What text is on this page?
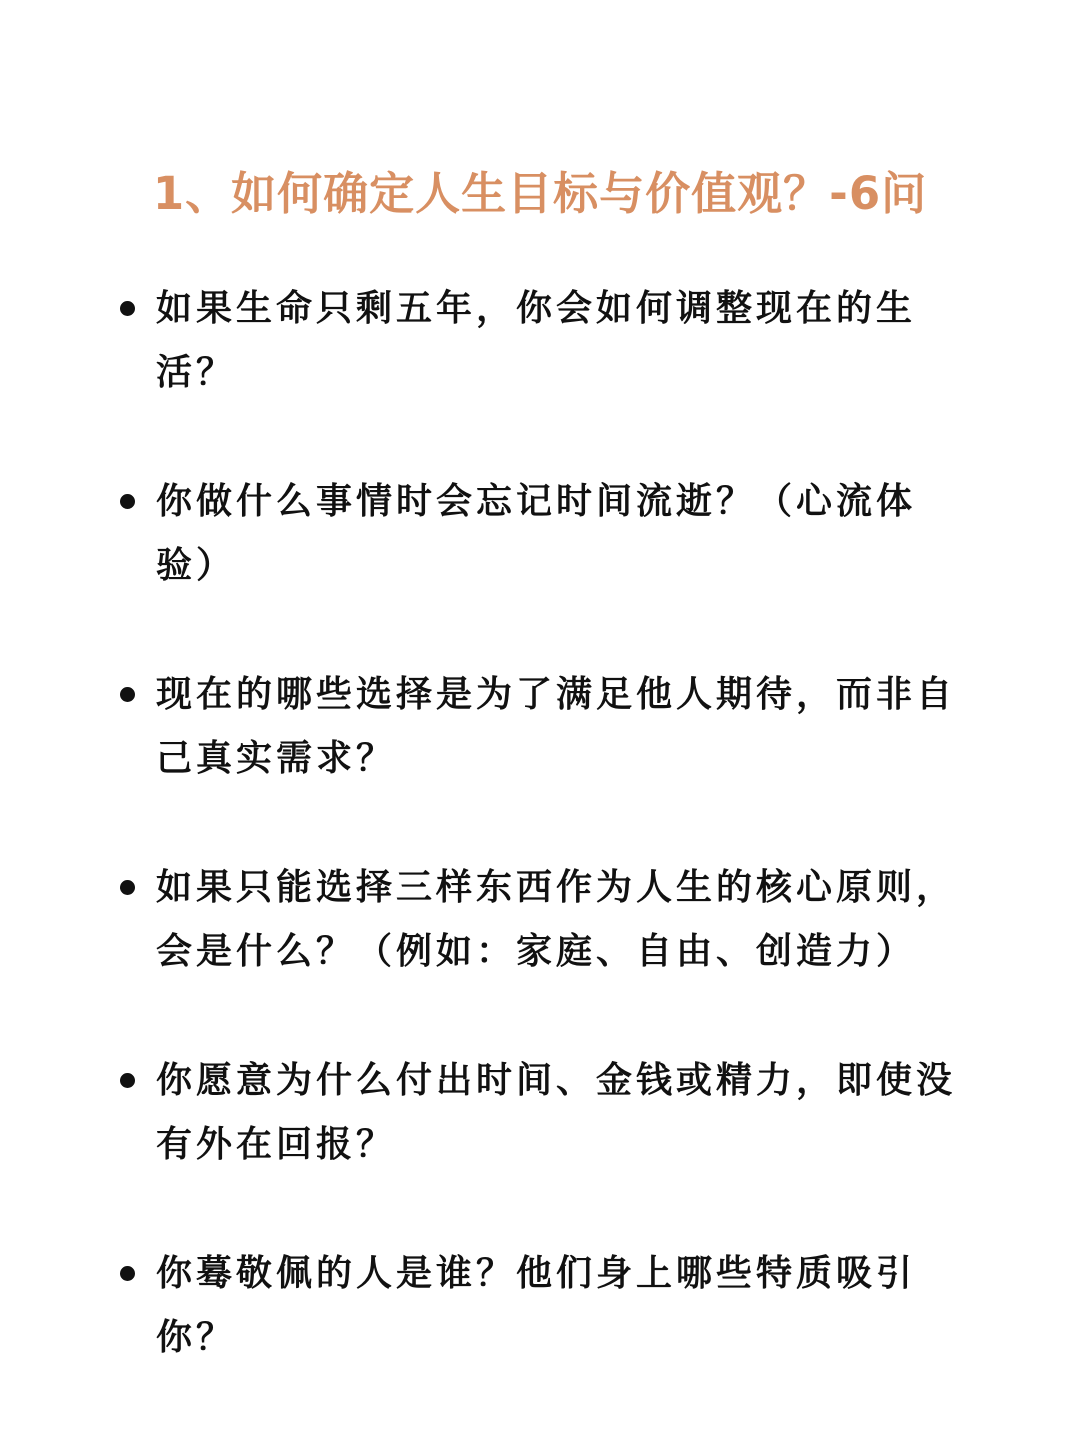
1、如何确定人生目标与价值观？-6问

如果生命只剩五年，你会如何调整现在的生活？

你做什么事情时会忘记时间流逝？（心流体验）

现在的哪些选择是为了满足他人期待，而非自己真实需求？

如果只能选择三样东西作为人生的核心原则，会是什么？（例如：家庭、自由、创造力）

你愿意为什么付出时间、金钱或精力，即使没有外在回报？

你蓦敬佩的人是谁？他们身上哪些特质吸引你？
